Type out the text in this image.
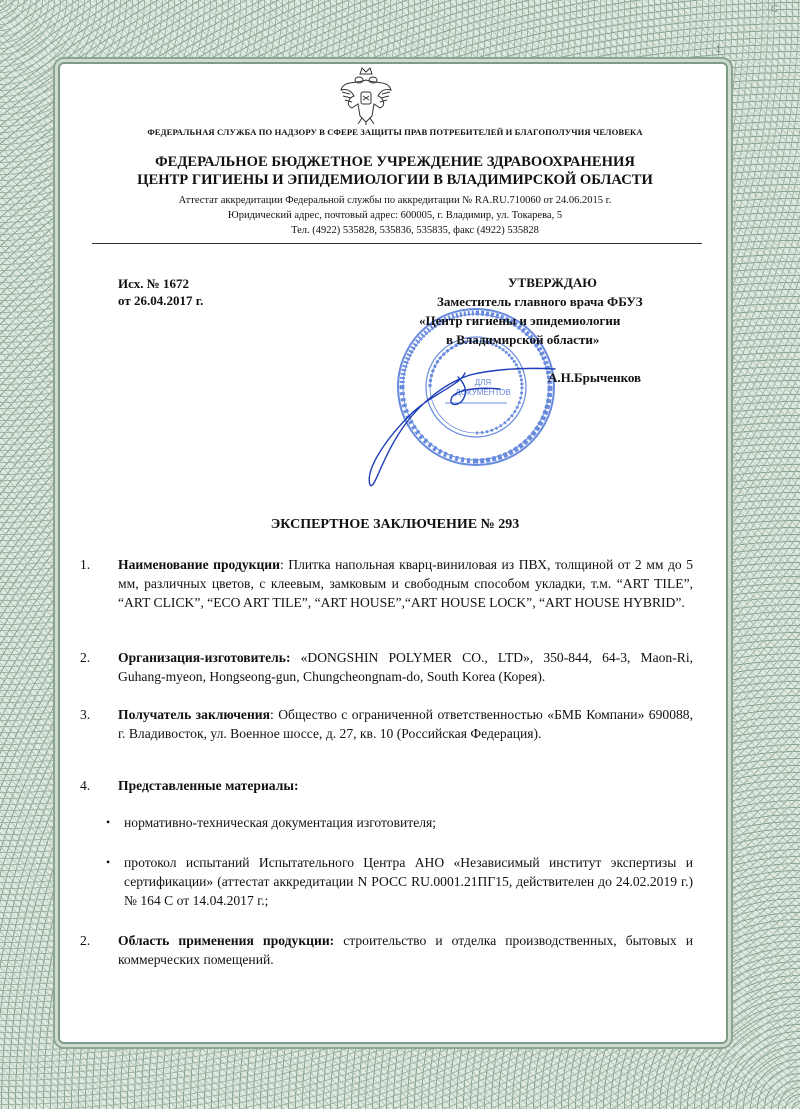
C
1
ФЕДЕРАЛЬНАЯ СЛУЖБА ПО НАДЗОРУ В СФЕРЕ ЗАЩИТЫ ПРАВ ПОТРЕБИТЕЛЕЙ И БЛАГОПОЛУЧИЯ ЧЕЛОВЕКА
ФЕДЕРАЛЬНОЕ БЮДЖЕТНОЕ УЧРЕЖДЕНИЕ ЗДРАВООХРАНЕНИЯ
ЦЕНТР ГИГИЕНЫ И ЭПИДЕМИОЛОГИИ В ВЛАДИМИРСКОЙ ОБЛАСТИ
Аттестат аккредитации Федеральной службы по аккредитации № RA.RU.710060 от 24.06.2015 г.
Юридический адрес, почтовый адрес: 600005, г. Владимир, ул. Токарева, 5
Тел. (4922) 535828, 535836, 535835, факс (4922) 535828
Исх. № 1672
от 26.04.2017 г.
ДЛЯ
ДОКУМЕНТОВ
УТВЕРЖДАЮ
Заместитель главного врача ФБУЗ
«Центр гигиены и эпидемиологии
в Владимирской области»
А.Н.Брыченков
ЭКСПЕРТНОЕ ЗАКЛЮЧЕНИЕ № 293
1. Наименование продукции: Плитка напольная кварц-виниловая из ПВХ, толщиной от 2 мм до 5 мм, различных цветов, с клеевым, замковым и свободным способом укладки, т.м. “ART TILE”, “ART CLICK”, “ECO ART TILE”, “ART HOUSE”,“ART HOUSE LOCK”, “ART HOUSE HYBRID”.
2. Организация-изготовитель: «DONGSHIN POLYMER CO., LTD», 350-844, 64-3, Maon-Ri, Guhang-myeon, Hongseong-gun, Chungcheongnam-do, South Korea (Корея).
3. Получатель заключения: Общество с ограниченной ответственностью «БМБ Компани» 690088, г. Владивосток, ул. Военное шоссе, д. 27, кв. 10 (Российская Федерация).
4. Представленные материалы:
• нормативно-техническая документация изготовителя;
• протокол испытаний Испытательного Центра АНО «Независимый институт экспертизы и сертификации» (аттестат аккредитации N РОСС RU.0001.21ПГ15, действителен до 24.02.2019 г.) № 164 С от 14.04.2017 г.;
2. Область применения продукции: строительство и отделка производственных, бытовых и коммерческих помещений.
